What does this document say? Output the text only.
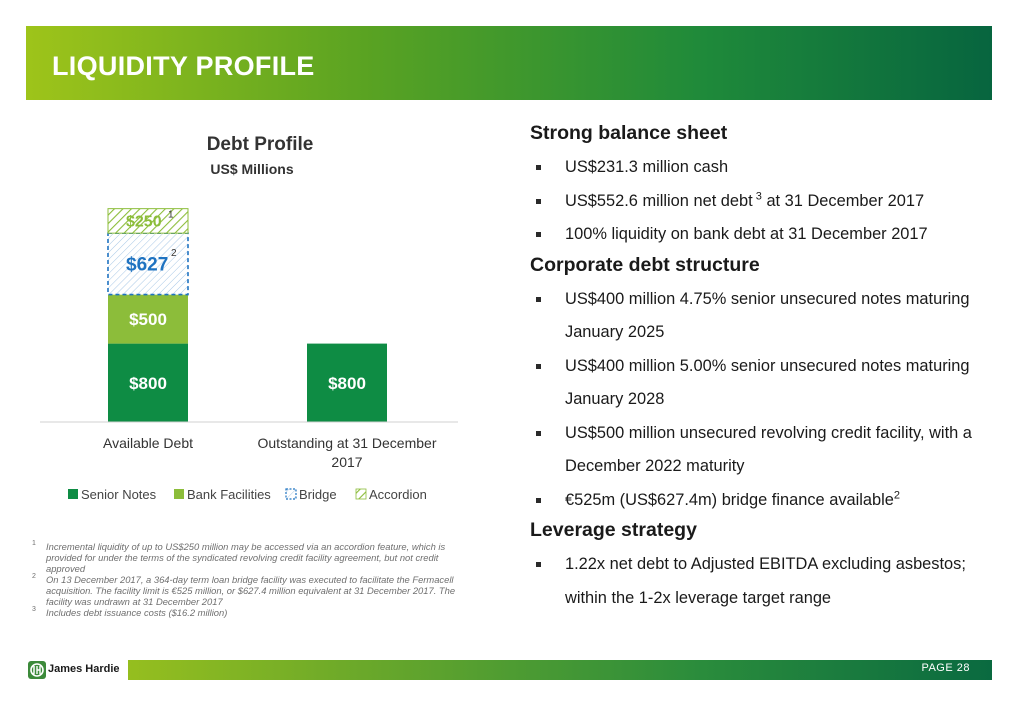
LIQUIDITY PROFILE
Debt Profile
US$ Millions
$800
$500
$627
2
$250 1
$800
Available Debt	Outstanding at 31 December
2017
Senior Notes Bank Facilities Bridge Accordion
1 Incremental liquidity of up to US$250 million may be accessed via an accordion feature, which is provided for under the terms of the syndicated revolving credit facility agreement, but not credit approved
2 On 13 December 2017, a 364-day term loan bridge facility was executed to facilitate the Fermacell acquisition. The facility limit is €525 million, or $627.4 million equivalent at 31 December 2017. The facility was undrawn at 31 December 2017
3 Includes debt issuance costs ($16.2 million)
Strong balance sheet
US$231.3 million cash
US$552.6 million net debt $^3$ at 31 December 2017
100% liquidity on bank debt at 31 December 2017
Corporate debt structure
US$400 million 4.75% senior unsecured notes maturing January 2025
US$400 million 5.00% senior unsecured notes maturing January 2028
US$500 million unsecured revolving credit facility, with a December 2022 maturity
€525m (US$627.4m) bridge finance available$^2$
Leverage strategy
1.22x net debt to Adjusted EBITDA excluding asbestos; within the 1-2x leverage target range
James Hardie	PAGE 28
